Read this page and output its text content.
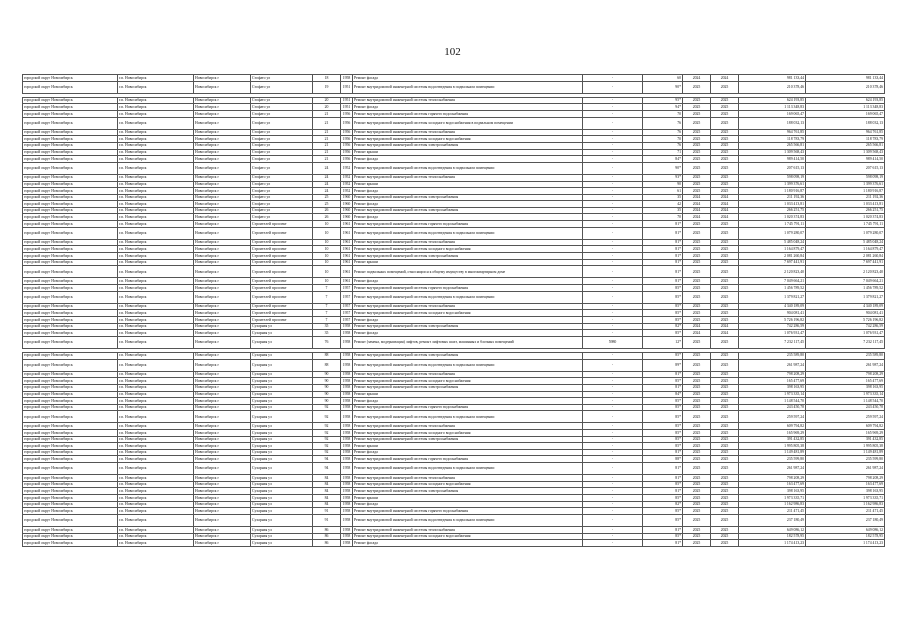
102
городской округ Новосибирск	г.п. Новосибирск	Новосибирск г	Стофато ул	18	1958	Ремонт фасада	-	60	2024	2024	981 133,44	981 133,44
городской округ Новосибирск	г.п. Новосибирск	Новосибирск г	Стофато ул	19	1951	Ремонт внутридомовой инженерной системы водоотведения в подвальном помещении	-	90*	2025	2025	210 378,46	210 378,46

городской округ Новосибирск	г.п. Новосибирск	Новосибирск г	Стофато ул	20	1951	Ремонт внутридомовой инженерной системы теплоснабжения	-	95*	2025	2025	624 193,85	624 193,85
городской округ Новосибирск	г.п. Новосибирск	Новосибирск г	Стофато ул	20	1951	Ремонт фасада	-	94*	2025	2025	1 113 348,83	1 113 348,83
городской округ Новосибирск	г.п. Новосибирск	Новосибирск г	Стофато ул	21	1956	Ремонт внутридомовой инженерной системы горячего водоснабжения	-	70	2025	2025	169 065,47	169 065,47
городской округ Новосибирск	г.п. Новосибирск	Новосибирск г	Стофато ул	21	1956	Ремонт внутридомовой инженерной системы холодного водоснабжения в подвальном помещении	-	76	2025	2025	188 032,13	188 032,13
городской округ Новосибирск	г.п. Новосибирск	Новосибирск г	Стофато ул	21	1956	Ремонт внутридомовой инженерной системы теплоснабжения	-	76	2025	2025	964 761,85	964 761,85
городской округ Новосибирск	г.п. Новосибирск	Новосибирск г	Стофато ул	21	1956	Ремонт внутридомовой инженерной системы холодного водоснабжения	-	70	2025	2025	118 783,79	118 783,79
городской округ Новосибирск	г.п. Новосибирск	Новосибирск г	Стофато ул	21	1956	Ремонт внутридомовой инженерной системы электроснабжения	-	76	2025	2025	265 566,81	265 566,81
городской округ Новосибирск	г.п. Новосибирск	Новосибирск г	Стофато ул	21	1956	Ремонт крыши	-	71	2025	2025	1 309 568,43	1 309 568,43
городской округ Новосибирск	г.п. Новосибирск	Новосибирск г	Стофато ул	21	1956	Ремонт фасада	-	84*	2025	2025	989 414,50	989 414,50
городской округ Новосибирск	г.п. Новосибирск	Новосибирск г	Стофато ул	24	1952	Ремонт внутридомовой инженерной системы водоотведения в подвальном помещении	-	90*	2025	2025	207 615,13	207 615,13
городской округ Новосибирск	г.п. Новосибирск	Новосибирск г	Стофато ул	24	1952	Ремонт внутридомовой инженерной системы теплоснабжения	-	93*	2025	2025	598 098,19	598 098,19
городской округ Новосибирск	г.п. Новосибирск	Новосибирск г	Стофато ул	24	1952	Ремонт крыши	-	90	2025	2025	1 399 376,61	1 399 376,61
городской округ Новосибирск	г.п. Новосибирск	Новосибирск г	Стофато ул	24	1952	Ремонт фасада	-	61	2025	2025	1 180 916,87	1 180 916,87
городской округ Новосибирск	г.п. Новосибирск	Новосибирск г	Стофато ул	25	1960	Ремонт внутридомовой инженерной системы электроснабжения	-	35	2024	2024	211 192,36	211 192,36
городской округ Новосибирск	г.п. Новосибирск	Новосибирск г	Стофато ул	25	1960	Ремонт фасада	-	42	2024	2024	1 033 413,81	1 033 413,81
городской округ Новосибирск	г.п. Новосибирск	Новосибирск г	Стофато ул	26	1960	Ремонт внутридомовой инженерной системы электроснабжения	-	35	2024	2024	266 251,75	266 251,75
городской округ Новосибирск	г.п. Новосибирск	Новосибирск г	Стофато ул	26	1960	Ремонт фасада	-	70	2024	2024	1 020 374,83	1 020 374,83
городской округ Новосибирск	г.п. Новосибирск	Новосибирск г	Строителей проспект	10	1961	Ремонт внутридомовой инженерной системы горячего водоснабжения	-	81*	2025	2025	1 745 791,11	1 745 791,11
городской округ Новосибирск	г.п. Новосибирск	Новосибирск г	Строителей проспект	10	1961	Ремонт внутридомовой инженерной системы водоотведения в подвальном помещении	-	81*	2025	2025	1 079 280,07	1 079 280,07
городской округ Новосибирск	г.п. Новосибирск	Новосибирск г	Строителей проспект	10	1961	Ремонт внутридомовой инженерной системы теплоснабжения	-	81*	2025	2025	5 485 048,24	5 485 048,24
городской округ Новосибирск	г.п. Новосибирск	Новосибирск г	Строителей проспект	10	1961	Ремонт внутридомовой инженерной системы холодного водоснабжения	-	81*	2025	2025	1 164 879,47	1 164 879,47
городской округ Новосибирск	г.п. Новосибирск	Новосибирск г	Строителей проспект	10	1961	Ремонт внутридомовой инженерной системы электроснабжения	-	81*	2025	2025	2 081 260,84	2 081 260,84
городской округ Новосибирск	г.п. Новосибирск	Новосибирск г	Строителей проспект	10	1961	Ремонт крыши	-	81*	2025	2025	7 697 441,91	7 697 441,91
городской округ Новосибирск	г.п. Новосибирск	Новосибирск г	Строителей проспект	10	1961	Ремонт подвальных помещений, относящихся к общему имуществу в многоквартирном доме	-	81*	2025	2025	2 120 823,40	2 120 823,40
городской округ Новосибирск	г.п. Новосибирск	Новосибирск г	Строителей проспект	10	1961	Ремонт фасада	-	81*	2025	2025	7 049 664,21	7 049 664,21
городской округ Новосибирск	г.п. Новосибирск	Новосибирск г	Строителей проспект	7	1957	Ремонт внутридомовой инженерной системы горячего водоснабжения	-	85*	2025	2025	1 456 789,52	1 456 789,52
городской округ Новосибирск	г.п. Новосибирск	Новосибирск г	Строителей проспект	7	1957	Ремонт внутридомовой инженерной системы водоотведения в подвальном помещении	-	85*	2025	2025	1 379 821,27	1 379 821,27
городской округ Новосибирск	г.п. Новосибирск	Новосибирск г	Строителей проспект	7	1957	Ремонт внутридомовой инженерной системы теплоснабжения	-	85*	2025	2025	4 340 189,09	4 340 189,09
городской округ Новосибирск	г.п. Новосибирск	Новосибирск г	Строителей проспект	7	1957	Ремонт внутридомовой инженерной системы холодного водоснабжения	-	85*	2025	2025	904 081,41	904 081,41
городской округ Новосибирск	г.п. Новосибирск	Новосибирск г	Строителей проспект	7	1957	Ремонт фасада	-	85*	2025	2025	5 726 196,82	5 726 196,82
городской округ Новосибирск	г.п. Новосибирск	Новосибирск г	Сухарная ул	35	1958	Ремонт внутридомовой инженерной системы электроснабжения	-	82*	2024	2024	742 286,59	742 286,59
городской округ Новосибирск	г.п. Новосибирск	Новосибирск г	Сухарная ул	35	1958	Ремонт фасада	-	85*	2024	2024	1 076 931,47	1 076 931,47
городской округ Новосибирск	г.п. Новосибирск	Новосибирск г	Сухарная ул	76	1958	Ремонт (замена, модернизация) лифтов, ремонт лифтовых шахт, машинных и блочных помещений	5980	12*	2025	2025	7 232 117,45	7 232 117,45

городской округ Новосибирск	г.п. Новосибирск	Новосибирск г	Сухарная ул	88	1958	Ремонт внутридомовой инженерной системы электроснабжения	-	85*	2025	2025	235 589,80	235 589,80
городской округ Новосибирск	г.п. Новосибирск	Новосибирск г	Сухарная ул	88	1958	Ремонт внутридомовой инженерной системы водоотведения в подвальном помещении	-	89*	2025	2025	261 987,24	261 987,24
городской округ Новосибирск	г.п. Новосибирск	Новосибирск г	Сухарная ул	90	1958	Ремонт внутридомовой инженерной системы теплоснабжения	-	81*	2025	2025	798 208,29	798 208,29
городской округ Новосибирск	г.п. Новосибирск	Новосибирск г	Сухарная ул	90	1958	Ремонт внутридомовой инженерной системы холодного водоснабжения	-	85*	2025	2025	165 477,69	165 477,69
городской округ Новосибирск	г.п. Новосибирск	Новосибирск г	Сухарная ул	90	1958	Ремонт внутридомовой инженерной системы электроснабжения	-	81*	2025	2025	398 163,95	398 163,95
городской округ Новосибирск	г.п. Новосибирск	Новосибирск г	Сухарная ул	90	1958	Ремонт крыши	-	84*	2025	2025	1 973 335,14	1 973 335,14
городской округ Новосибирск	г.п. Новосибирск	Новосибирск г	Сухарная ул	90	1958	Ремонт фасада	-	85*	2025	2025	1 148 544,70	1 148 544,70
городской округ Новосибирск	г.п. Новосибирск	Новосибирск г	Сухарная ул	92	1958	Ремонт внутридомовой инженерной системы горячего водоснабжения	-	85*	2025	2025	243 450,78	243 450,78
городской округ Новосибирск	г.п. Новосибирск	Новосибирск г	Сухарная ул	92	1958	Ремонт внутридомовой инженерной системы водоотведения в подвальном помещении	-	85*	2025	2025	259 597,24	259 597,24
городской округ Новосибирск	г.п. Новосибирск	Новосибирск г	Сухарная ул	92	1958	Ремонт внутридомовой инженерной системы теплоснабжения	-	85*	2025	2025	609 794,82	609 794,82
городской округ Новосибирск	г.п. Новосибирск	Новосибирск г	Сухарная ул	92	1958	Ремонт внутридомовой инженерной системы холодного водоснабжения	-	85*	2025	2025	165 969,29	165 969,29
городской округ Новосибирск	г.п. Новосибирск	Новосибирск г	Сухарная ул	92	1958	Ремонт внутридомовой инженерной системы электроснабжения	-	85*	2025	2025	391 432,85	391 432,85
городской округ Новосибирск	г.п. Новосибирск	Новосибирск г	Сухарная ул	92	1958	Ремонт крыши	-	85*	2025	2025	1 995 805,38	1 995 805,38
городской округ Новосибирск	г.п. Новосибирск	Новосибирск г	Сухарная ул	92	1958	Ремонт фасада	-	81*	2025	2025	1 149 481,89	1 149 481,89
городской округ Новосибирск	г.п. Новосибирск	Новосибирск г	Сухарная ул	94	1958	Ремонт внутридомовой инженерной системы горячего водоснабжения	-	88*	2025	2025	235 599,80	235 599,80
городской округ Новосибирск	г.п. Новосибирск	Новосибирск г	Сухарная ул	94	1958	Ремонт внутридомовой инженерной системы водоотведения в подвальном помещении	-	81*	2025	2025	261 987,24	261 987,24
городской округ Новосибирск	г.п. Новосибирск	Новосибирск г	Сухарная ул	84	1958	Ремонт внутридомовой инженерной системы теплоснабжения	-	81*	2025	2025	798 208,29	798 208,29
городской округ Новосибирск	г.п. Новосибирск	Новосибирск г	Сухарная ул	84	1958	Ремонт внутридомовой инженерной системы холодного водоснабжения	-	85*	2025	2025	163 477,69	163 477,69
городской округ Новосибирск	г.п. Новосибирск	Новосибирск г	Сухарная ул	84	1958	Ремонт внутридомовой инженерной системы электроснабжения	-	81*	2025	2025	398 163,95	398 163,95
городской округ Новосибирск	г.п. Новосибирск	Новосибирск г	Сухарная ул	84	1958	Ремонт крыши	-	85*	2025	2025	1 973 335,71	1 973 335,71
городской округ Новосибирск	г.п. Новосибирск	Новосибирск г	Сухарная ул	84	1958	Ремонт фасада	-	82*	2025	2025	1 162 986,83	1 162 986,83
городской округ Новосибирск	г.п. Новосибирск	Новосибирск г	Сухарная ул	91	1958	Ремонт внутридомовой инженерной системы горячего водоснабжения	-	85*	2025	2025	211 471,45	211 471,45
городской округ Новосибирск	г.п. Новосибирск	Новосибирск г	Сухарная ул	91	1958	Ремонт внутридомовой инженерной системы водоотведения в подвальном помещении	-	85*	2025	2025	237 180,49	237 180,49
городской округ Новосибирск	г.п. Новосибирск	Новосибирск г	Сухарная ул	86	1958	Ремонт внутридомовой инженерной системы теплоснабжения	-	81*	2025	2025	649 086,12	649 086,12
городской округ Новосибирск	г.п. Новосибирск	Новосибирск г	Сухарная ул	86	1958	Ремонт внутридомовой инженерной системы холодного водоснабжения	-	85*	2025	2025	182 578,95	182 578,95
городской округ Новосибирск	г.п. Новосибирск	Новосибирск г	Сухарная ул	86	1958	Ремонт фасада	-	81*	2025	2025	1 174 413,23	1 174 413,23
